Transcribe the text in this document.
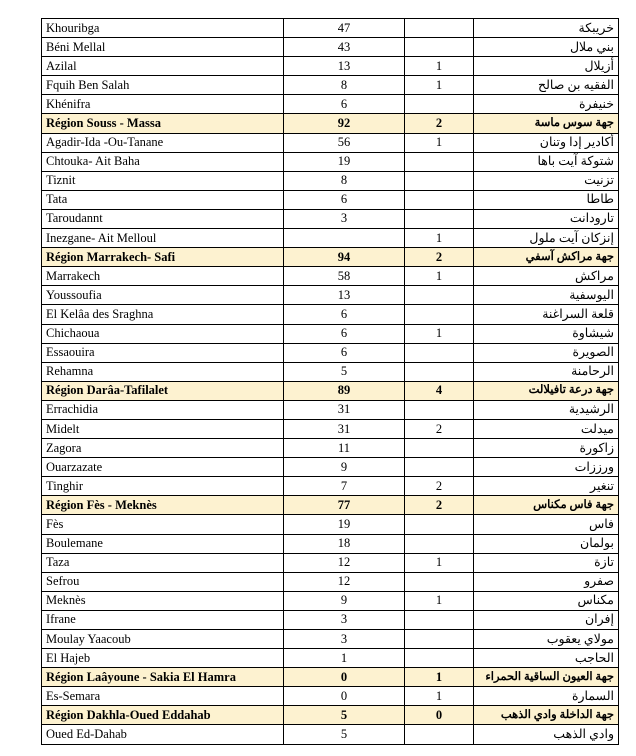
Khouribga	47		خريبكة
Béni Mellal	43		بني ملال
Azilal	13	1	أزيلال
Fquih Ben Salah	8	1	الفقيه بن صالح
Khénifra	6		خنيفرة
Région Souss - Massa	92	2	جهة سوس ماسة
Agadir-Ida -Ou-Tanane	56	1	أكادير إدا وتنان
Chtouka- Ait Baha	19		شتوكة آيت باها
Tiznit	8		تزنيت
Tata	6		طاطا
Taroudannt	3		تارودانت
Inezgane- Ait Melloul		1	إنزكان آيت ملول
Région Marrakech- Safi	94	2	جهة مراكش آسفي
Marrakech	58	1	مراكش
Youssoufia	13		اليوسفية
El Kelâa des Sraghna	6		قلعة السراغنة
Chichaoua	6	1	شيشاوة
Essaouira	6		الصويرة
Rehamna	5		الرحامنة
Région Darâa-Tafilalet	89	4	جهة درعة تافيلالت
Errachidia	31		الرشيدية
Midelt	31	2	ميدلت
Zagora	11		زاكورة
Ouarzazate	9		ورززات
Tinghir	7	2	تنغير
Région Fès - Meknès	77	2	جهة فاس مكناس
Fès	19		فاس
Boulemane	18		بولمان
Taza	12	1	تازة
Sefrou	12		صفرو
Meknès	9	1	مكناس
Ifrane	3		إفران
Moulay Yaacoub	3		مولاي يعقوب
El Hajeb	1		الحاجب
Région Laâyoune - Sakia El Hamra	0	1	جهة العيون الساقية الحمراء
Es-Semara	0	1	السمارة
Région Dakhla-Oued Eddahab	5	0	جهة الداخلة وادي الذهب
Oued Ed-Dahab	5		وادي الذهب
